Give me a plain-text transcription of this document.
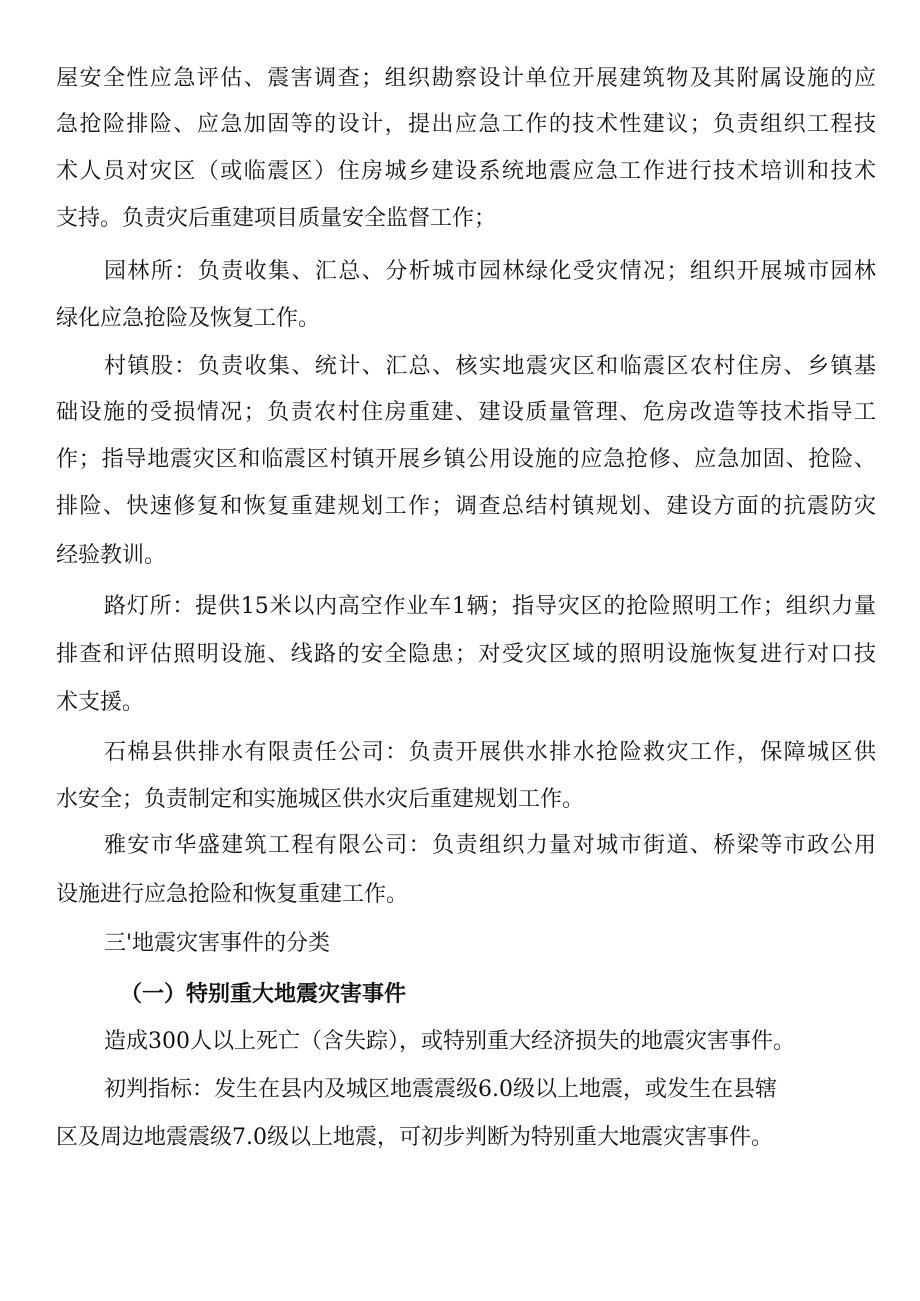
屋安全性应急评估、震害调查；组织勘察设计单位开展建筑物及其附属设施的应
急抢险排险、应急加固等的设计，提出应急工作的技术性建议；负责组织工程技
术人员对灾区（或临震区）住房城乡建设系统地震应急工作进行技术培训和技术
支持。负责灾后重建项目质量安全监督工作；
园林所：负责收集、汇总、分析城市园林绿化受灾情况；组织开展城市园林
绿化应急抢险及恢复工作。
村镇股：负责收集、统计、汇总、核实地震灾区和临震区农村住房、乡镇基
础设施的受损情况；负责农村住房重建、建设质量管理、危房改造等技术指导工
作；指导地震灾区和临震区村镇开展乡镇公用设施的应急抢修、应急加固、抢险、
排险、快速修复和恢复重建规划工作；调查总结村镇规划、建设方面的抗震防灾
经验教训。
路灯所：提供15米以内高空作业车1辆；指导灾区的抢险照明工作；组织力量
排查和评估照明设施、线路的安全隐患；对受灾区域的照明设施恢复进行对口技
术支援。
石棉县供排水有限责任公司：负责开展供水排水抢险救灾工作，保障城区供
水安全；负责制定和实施城区供水灾后重建规划工作。
雅安市华盛建筑工程有限公司：负责组织力量对城市街道、桥梁等市政公用
设施进行应急抢险和恢复重建工作。
三'地震灾害事件的分类
（一）特别重大地震灾害事件
造成300人以上死亡（含失踪），或特别重大经济损失的地震灾害事件。
初判指标：发生在县内及城区地震震级6.0级以上地震，或发生在县辖
区及周边地震震级7.0级以上地震，可初步判断为特别重大地震灾害事件。
